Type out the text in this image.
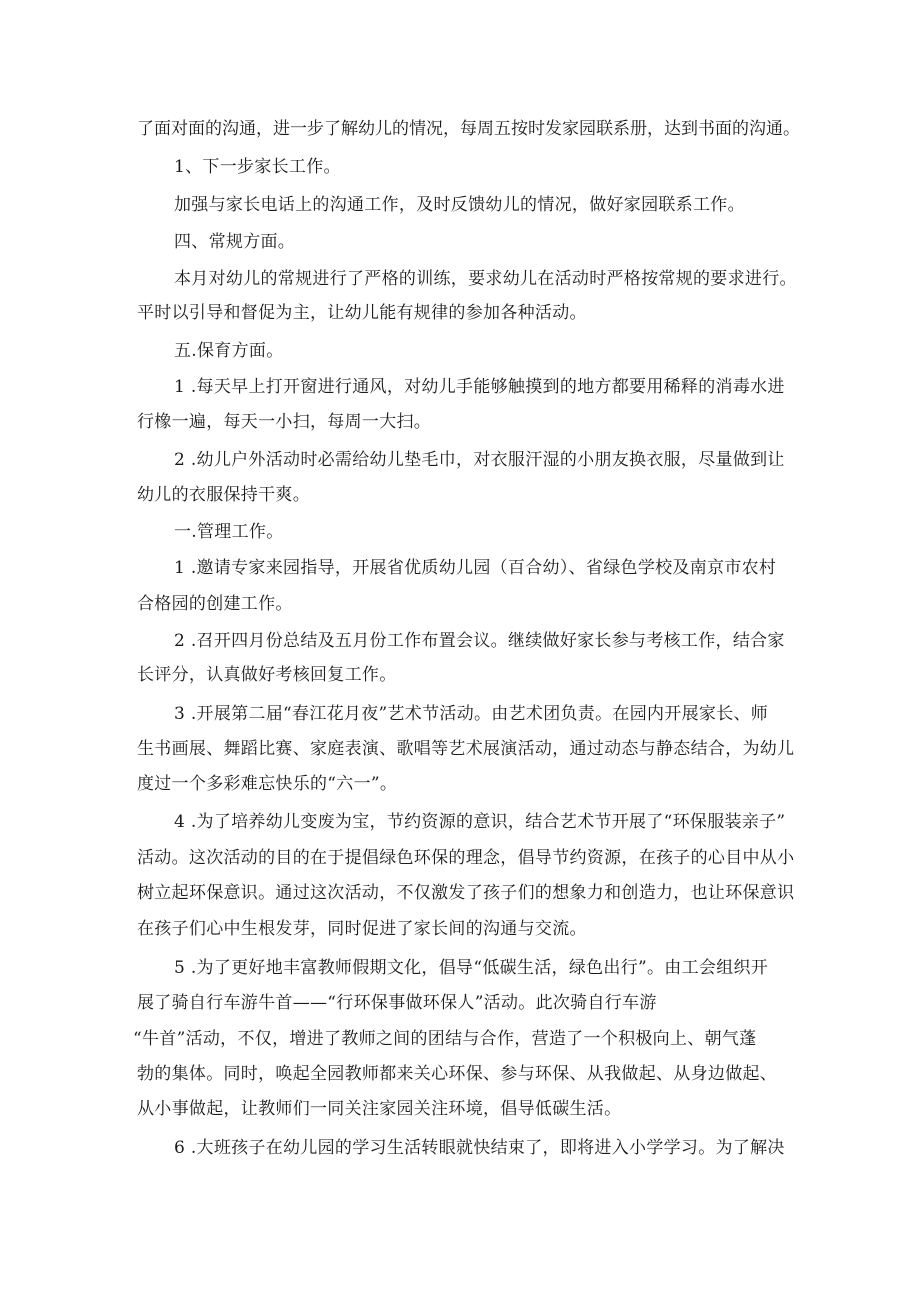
了面对面的沟通，进一步了解幼儿的情况，每周五按时发家园联系册，达到书面的沟通。
1、下一步家长工作。
加强与家长电话上的沟通工作，及时反馈幼儿的情况，做好家园联系工作。
四、常规方面。
本月对幼儿的常规进行了严格的训练，要求幼儿在活动时严格按常规的要求进行。
平时以引导和督促为主，让幼儿能有规律的参加各种活动。
五.保育方面。
1 .每天早上打开窗进行通风，对幼儿手能够触摸到的地方都要用稀释的消毒水进
行橡一遍，每天一小扫，每周一大扫。
2 .幼儿户外活动时必需给幼儿垫毛巾，对衣服汗湿的小朋友换衣服，尽量做到让
幼儿的衣服保持干爽。
一.管理工作。
1 .邀请专家来园指导，开展省优质幼儿园（百合幼）、省绿色学校及南京市农村
合格园的创建工作。
2 .召开四月份总结及五月份工作布置会议。继续做好家长参与考核工作，结合家
长评分，认真做好考核回复工作。
3 .开展第二届“春江花月夜”艺术节活动。由艺术团负责。在园内开展家长、师
生书画展、舞蹈比赛、家庭表演、歌唱等艺术展演活动，通过动态与静态结合，为幼儿
度过一个多彩难忘快乐的“六一”。
4 .为了培养幼儿变废为宝，节约资源的意识，结合艺术节开展了“环保服装亲子”
活动。这次活动的目的在于提倡绿色环保的理念，倡导节约资源，在孩子的心目中从小
树立起环保意识。通过这次活动，不仅激发了孩子们的想象力和创造力，也让环保意识
在孩子们心中生根发芽，同时促进了家长间的沟通与交流。
5 .为了更好地丰富教师假期文化，倡导“低碳生活，绿色出行”。由工会组织开
展了骑自行车游牛首——“行环保事做环保人”活动。此次骑自行车游
“牛首”活动，不仅，增进了教师之间的团结与合作，营造了一个积极向上、朝气蓬
勃的集体。同时，唤起全园教师都来关心环保、参与环保、从我做起、从身边做起、
从小事做起，让教师们一同关注家园关注环境，倡导低碳生活。
6 .大班孩子在幼儿园的学习生活转眼就快结束了，即将进入小学学习。为了解决
